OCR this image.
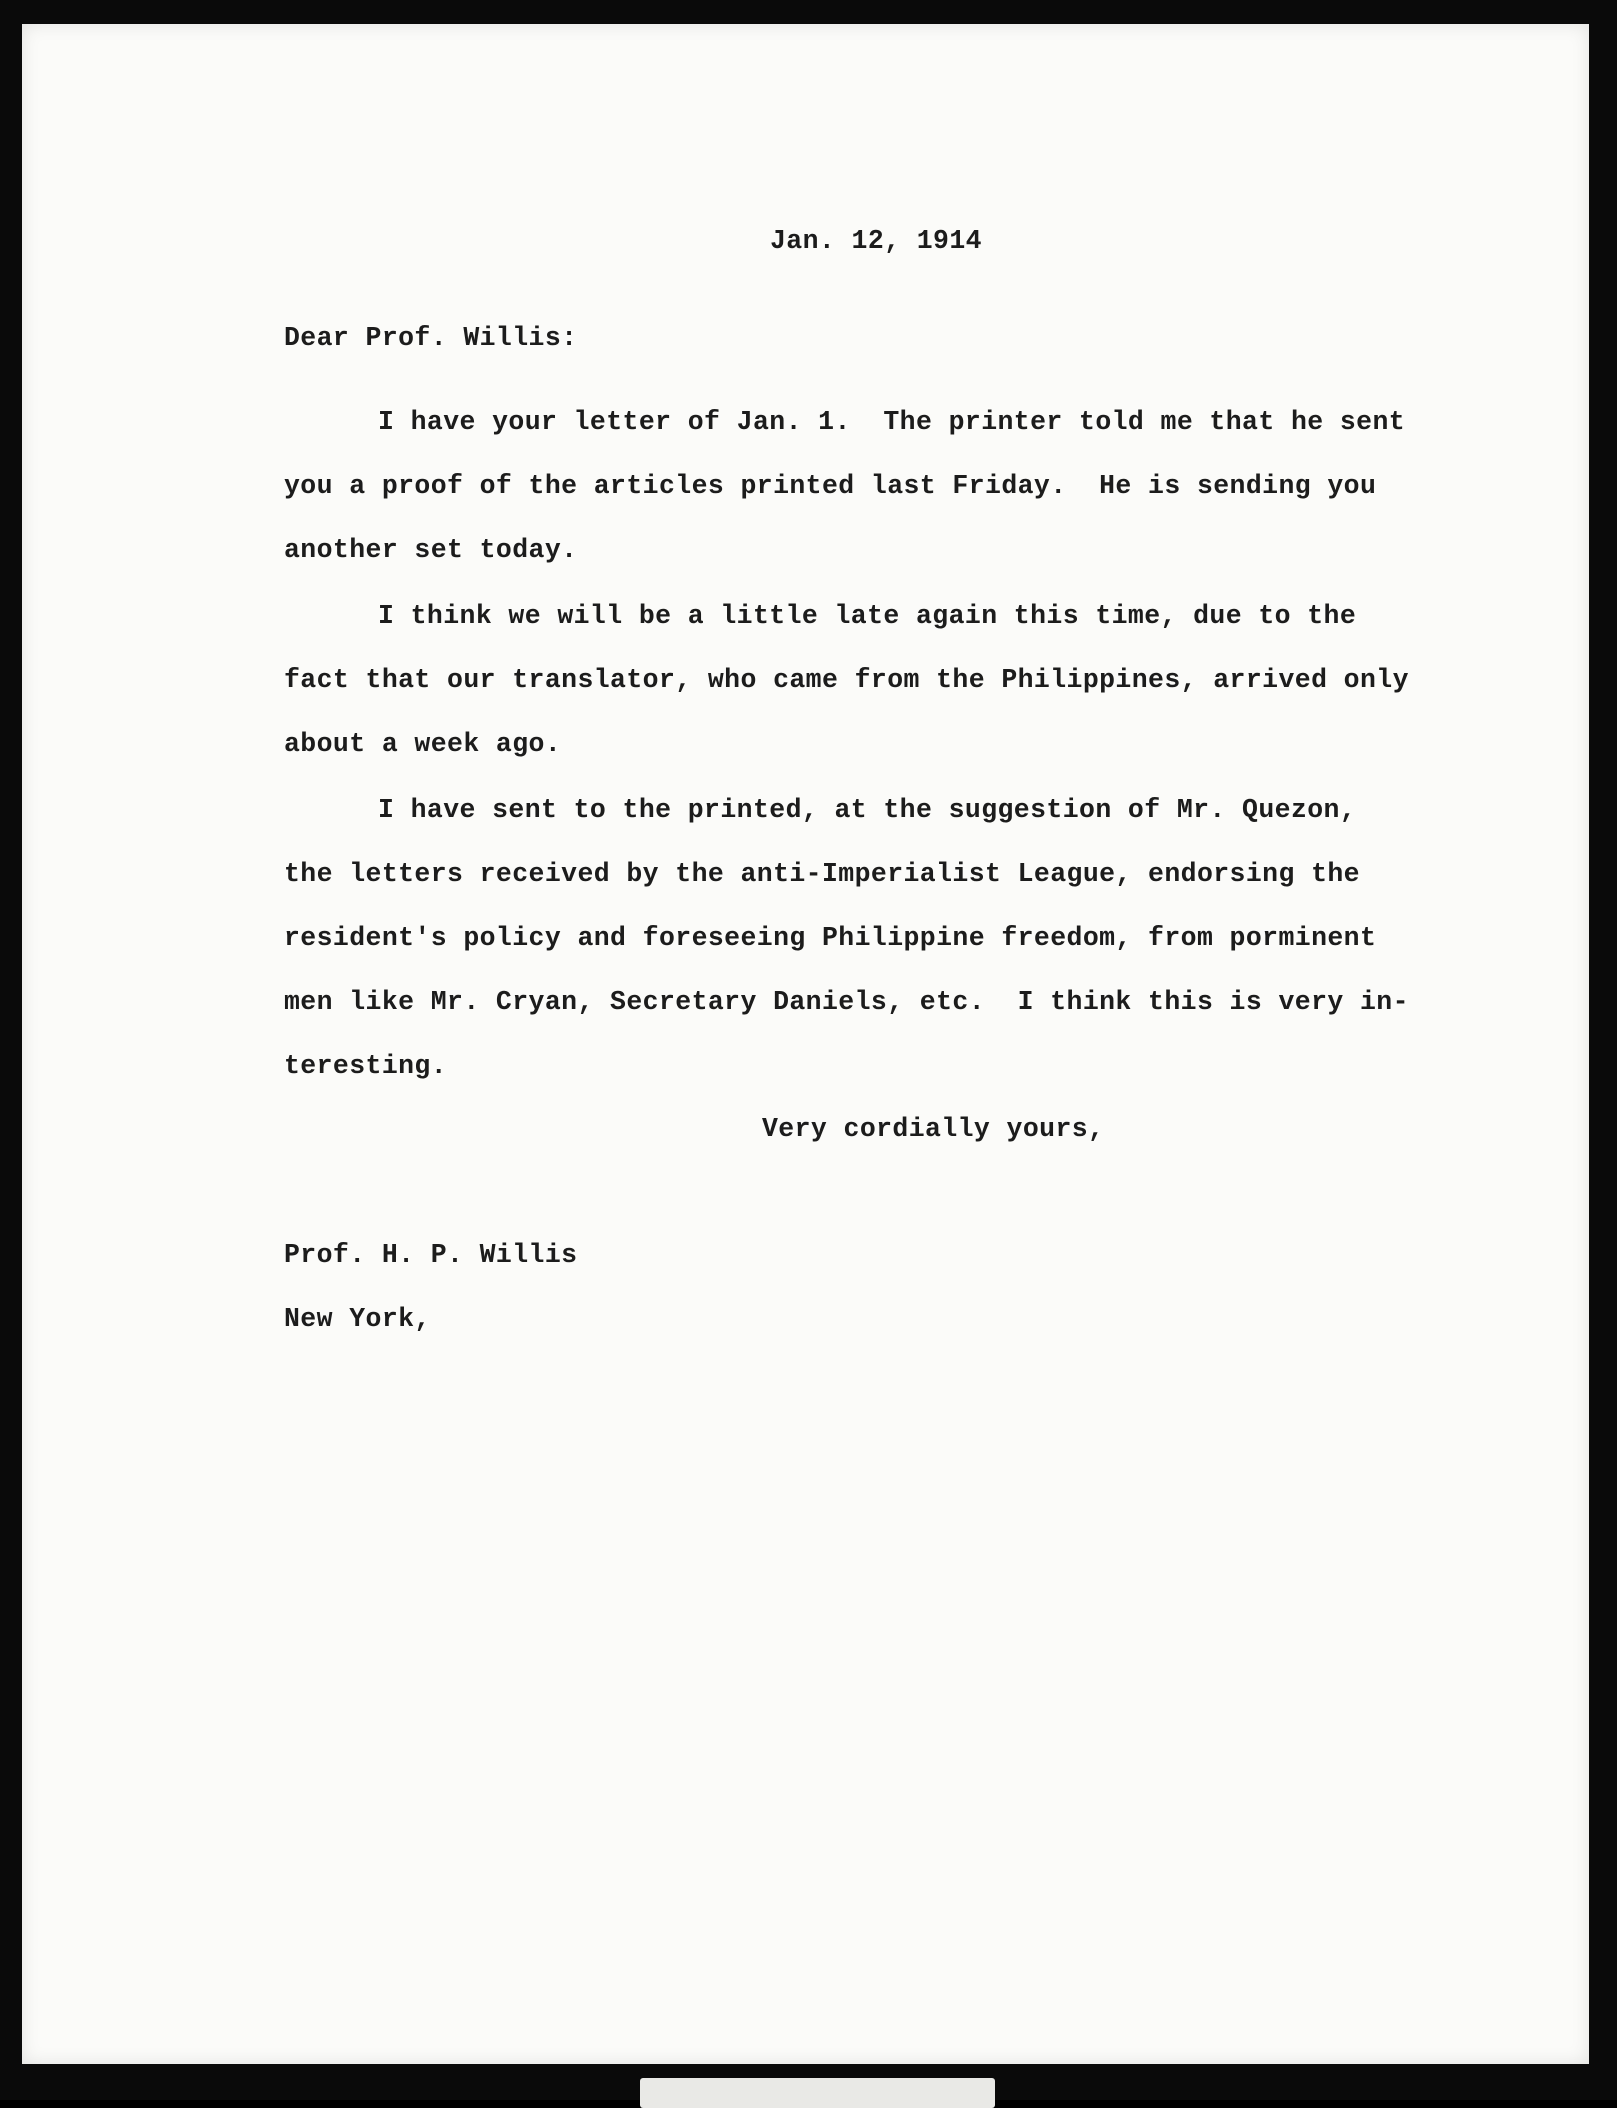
Jan. 12, 1914
Dear Prof. Willis:
I have your letter of Jan. 1.  The printer told me that he sent
you a proof of the articles printed last Friday.  He is sending you
another set today.
I think we will be a little late again this time, due to the
fact that our translator, who came from the Philippines, arrived only
about a week ago.
I have sent to the printed, at the suggestion of Mr. Quezon,
the letters received by the anti-Imperialist League, endorsing the
resident's policy and foreseeing Philippine freedom, from porminent
men like Mr. Cryan, Secretary Daniels, etc.  I think this is very in-
teresting.
Very cordially yours,
Prof. H. P. Willis
New York,
